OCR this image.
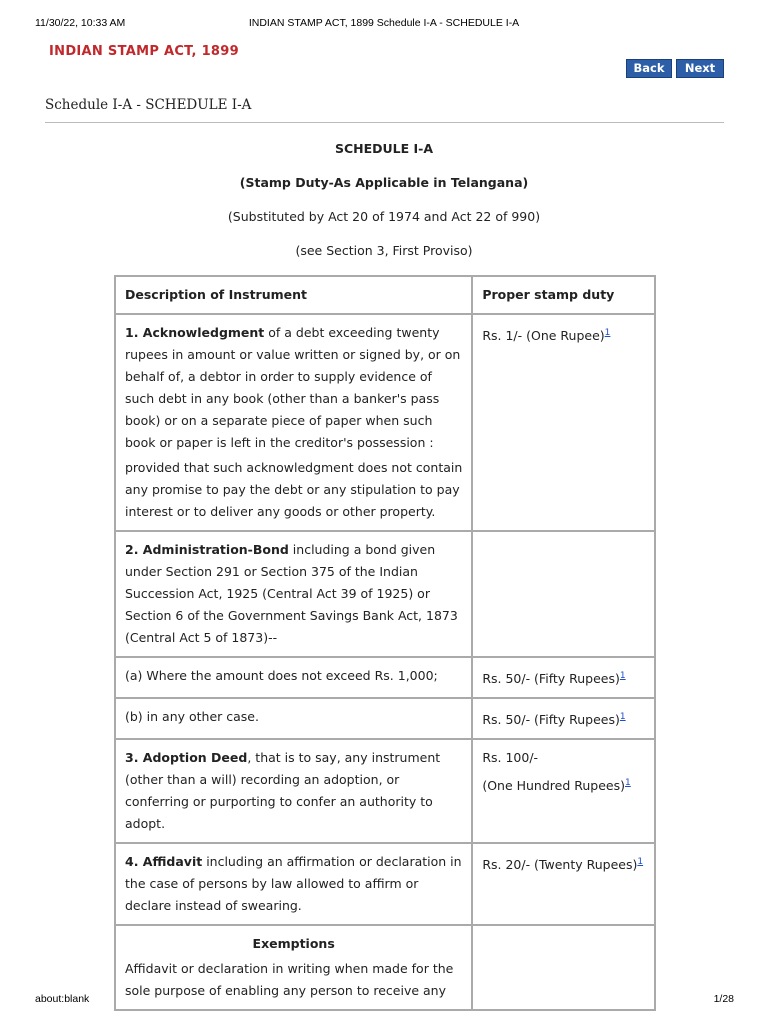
11/30/22, 10:33 AM	INDIAN STAMP ACT, 1899 Schedule I-A - SCHEDULE I-A
INDIAN STAMP ACT, 1899
Back	Next
Schedule I-A - SCHEDULE I-A
SCHEDULE I-A
(Stamp Duty-As Applicable in Telangana)
(Substituted by Act 20 of 1974 and Act 22 of 990)
(see Section 3, First Proviso)
Description of Instrument	Proper stamp duty

1. Acknowledgment of a debt exceeding twenty rupees in amount or value written or signed by, or on behalf of, a debtor in order to supply evidence of such debt in any book (other than a banker's pass book) or on a separate piece of paper when such book or paper is left in the creditor's possession :

provided that such acknowledgment does not contain any promise to pay the debt or any stipulation to pay interest or to deliver any goods or other property.	Rs. 1/- (One Rupee)$^1$

2. Administration-Bond including a bond given under Section 291 or Section 375 of the Indian Succession Act, 1925 (Central Act 39 of 1925) or Section 6 of the Government Savings Bank Act, 1873 (Central Act 5 of 1873)--	

(a) Where the amount does not exceed Rs. 1,000;	Rs. 50/- (Fifty Rupees)$^1$
(b) in any other case.	Rs. 50/- (Fifty Rupees)$^1$

3. Adoption Deed, that is to say, any instrument (other than a will) recording an adoption, or conferring or purporting to confer an authority to adopt.	Rs. 100/-

(One Hundred Rupees)$^1$

4. Affidavit including an affirmation or declaration in the case of persons by law allowed to affirm or declare instead of swearing.	Rs. 20/- (Twenty Rupees)$^1$

Exemptions

Affidavit or declaration in writing when made for the sole purpose of enabling any person to receive any	

about:blank	1/28
